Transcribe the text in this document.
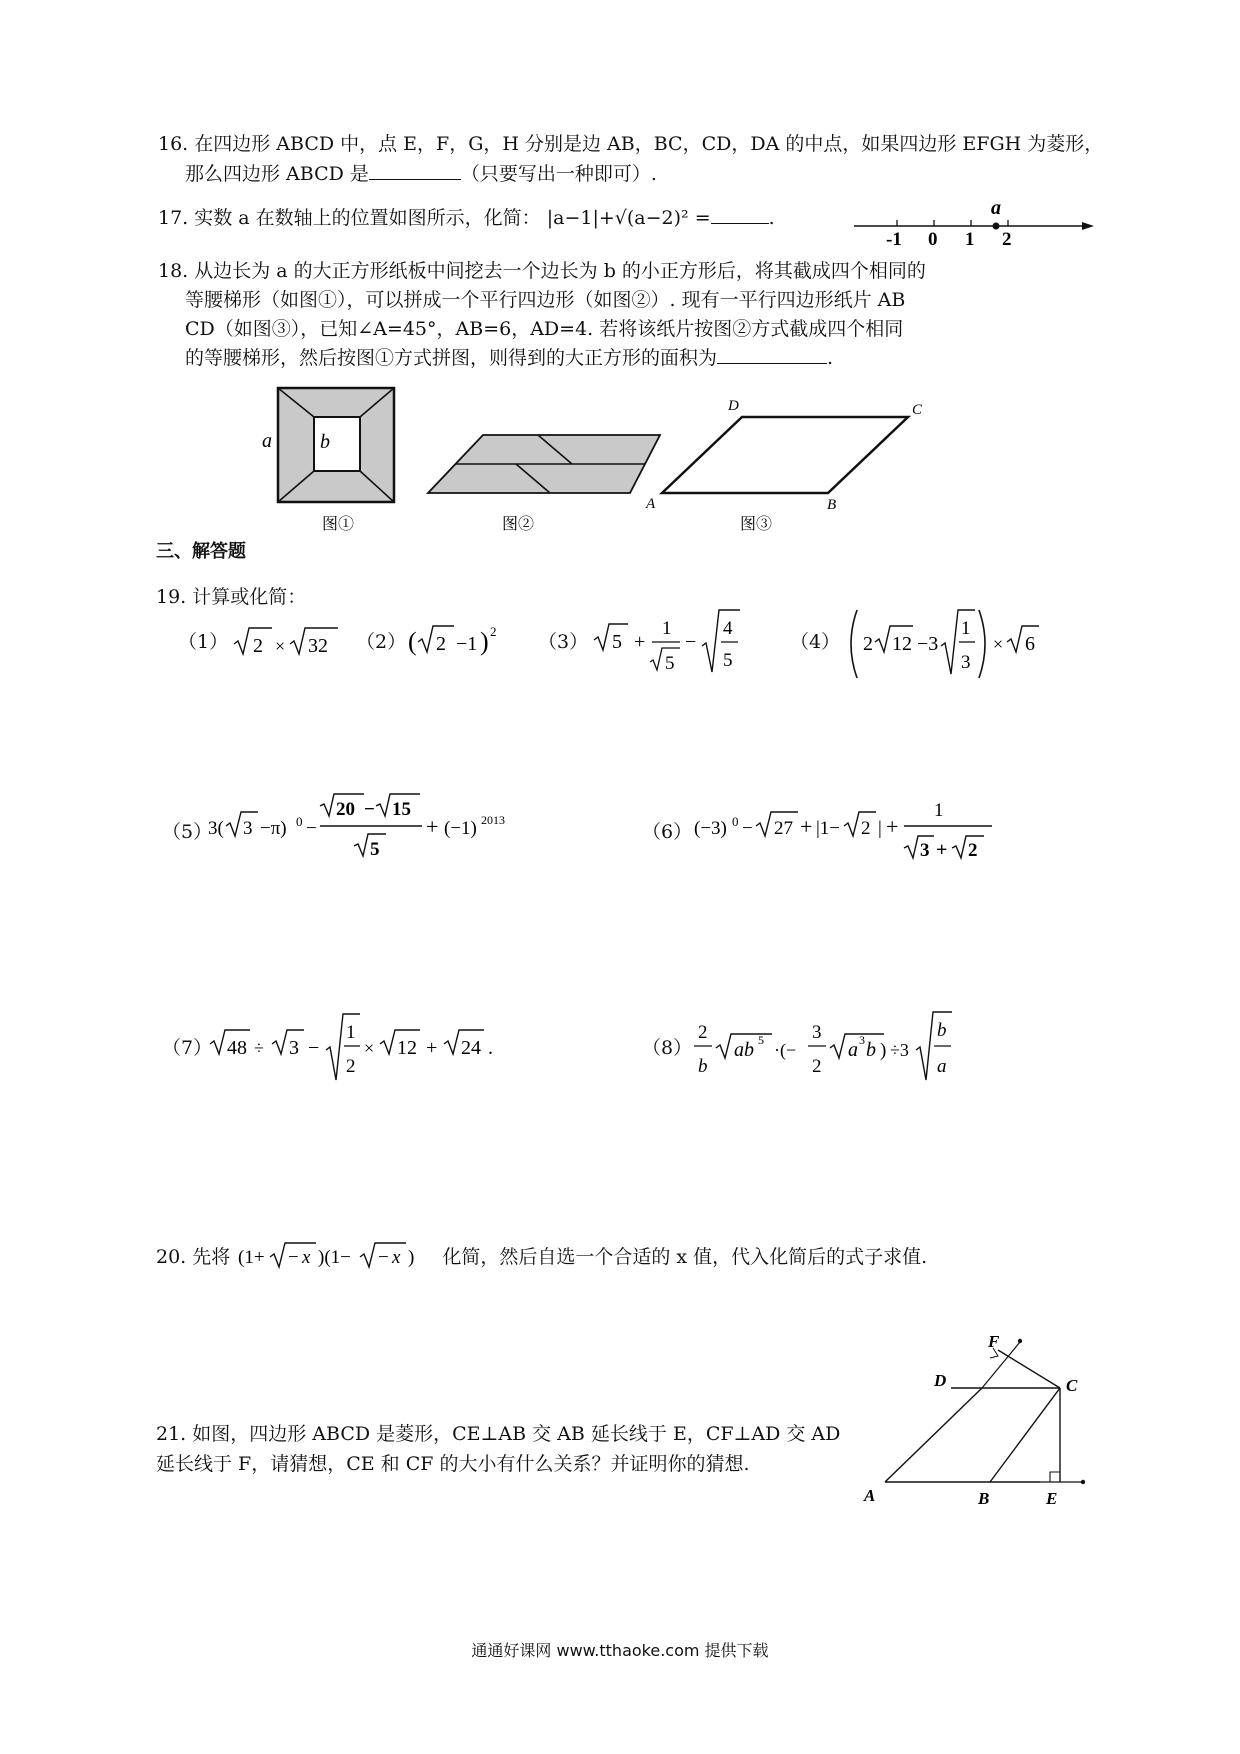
16. 在四边形 ABCD 中，点 E，F，G，H 分别是边 AB，BC，CD，DA 的中点，如果四边形 EFGH 为菱形，
那么四边形 ABCD 是	（只要写出一种即可）.
17. 实数 a 在数轴上的位置如图所示，化简： |a−1|+√(a−2)² =	.	a
-1 0 1 2
18. 从边长为 a 的大正方形纸板中间挖去一个边长为 b 的小正方形后，将其截成四个相同的
等腰梯形（如图①），可以拼成一个平行四边形（如图②）. 现有一平行四边形纸片 AB
CD（如图③），已知∠A=45°，AB=6，AD=4. 若将该纸片按图②方式截成四个相同
的等腰梯形，然后按图①方式拼图，则得到的大正方形的面积为	.
a b
图①	图②
D	C
A	B
图③
三、解答题
19. 计算或化简：
（1） 2 × 32 （2） ( 2 −1 ) 2 （3） 5 +
1
5
−
4
5
（4） 2 12 −3
1
3
× 6
（5）
3( 3 −π) 0 −
20 − 15
5
+ (−1) 2013
（6） (−3) 0 − 27 + |1− 2 | +
1
3 + 2
（7） 48 ÷ 3 −
1
2
× 12 + 24 .	（8）
2
b
ab 5 ·(−
3
2
a 3 b ) ÷3
b
a
20. 先将 (1+ − x )(1− − x ) 化简，然后自选一个合适的 x 值，代入化简后的式子求值.
21. 如图，四边形 ABCD 是菱形，CE⊥AB 交 AB 延长线于 E，CF⊥AD 交 AD
延长线于 F，请猜想，CE 和 CF 的大小有什么关系？并证明你的猜想.
A	B	E
C
D
F
通通好课网 www.tthaoke.com 提供下载
